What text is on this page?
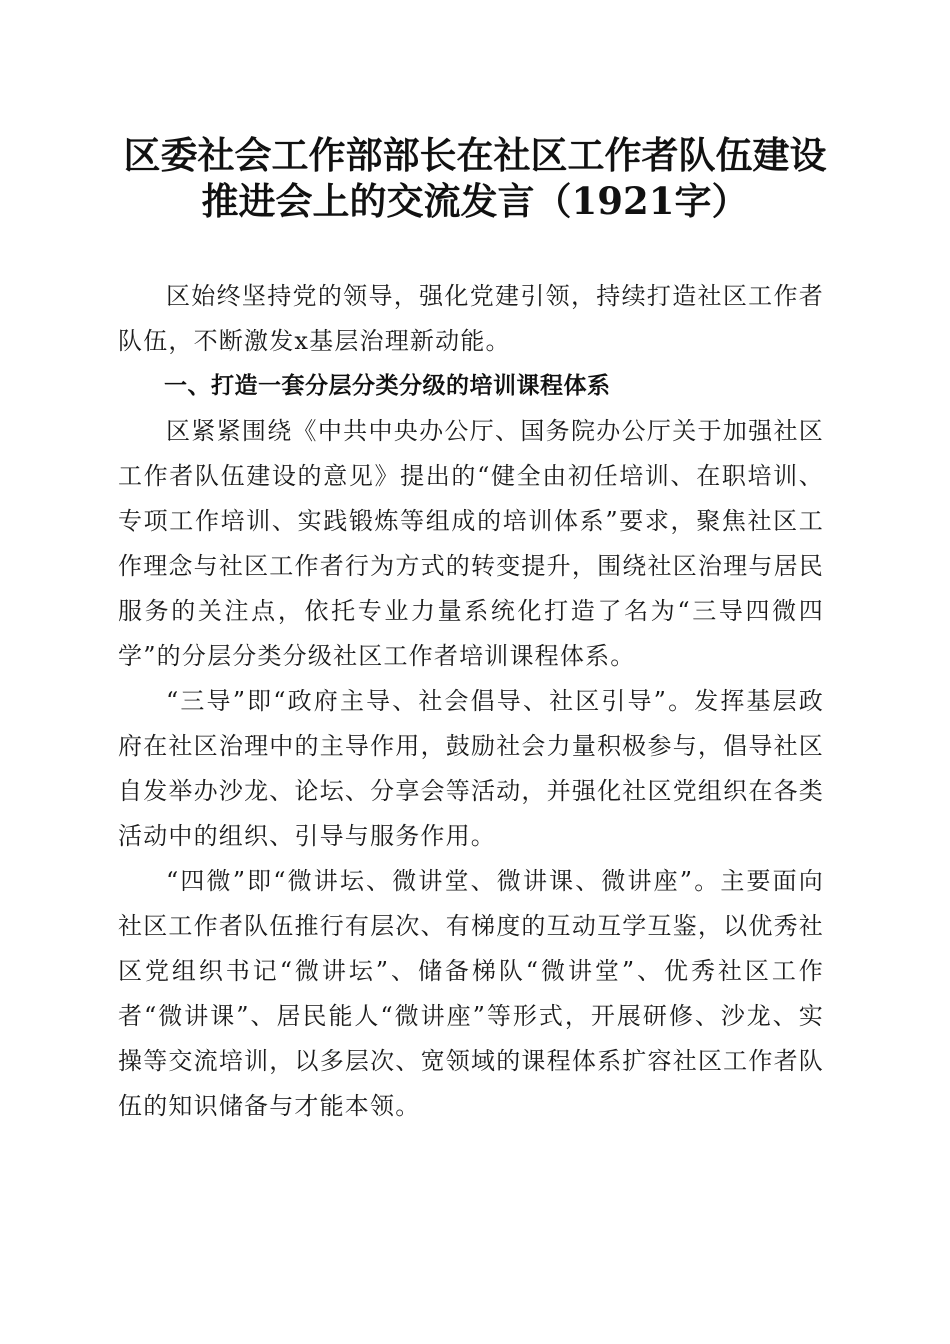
区委社会工作部部长在社区工作者队伍建设推进会上的交流发言（1921字）

区始终坚持党的领导，强化党建引领，持续打造社区工作者队伍，不断激发x基层治理新动能。

一、打造一套分层分类分级的培训课程体系

区紧紧围绕《中共中央办公厅、国务院办公厅关于加强社区工作者队伍建设的意见》提出的“健全由初任培训、在职培训、专项工作培训、实践锻炼等组成的培训体系”要求，聚焦社区工作理念与社区工作者行为方式的转变提升，围绕社区治理与居民服务的关注点，依托专业力量系统化打造了名为“三导四微四学”的分层分类分级社区工作者培训课程体系。

“三导”即“政府主导、社会倡导、社区引导”。发挥基层政府在社区治理中的主导作用，鼓励社会力量积极参与，倡导社区自发举办沙龙、论坛、分享会等活动，并强化社区党组织在各类活动中的组织、引导与服务作用。

“四微”即“微讲坛、微讲堂、微讲课、微讲座”。主要面向社区工作者队伍推行有层次、有梯度的互动互学互鉴，以优秀社区党组织书记“微讲坛”、储备梯队“微讲堂”、优秀社区工作者“微讲课”、居民能人“微讲座”等形式，开展研修、沙龙、实操等交流培训，以多层次、宽领域的课程体系扩容社区工作者队伍的知识储备与才能本领。
